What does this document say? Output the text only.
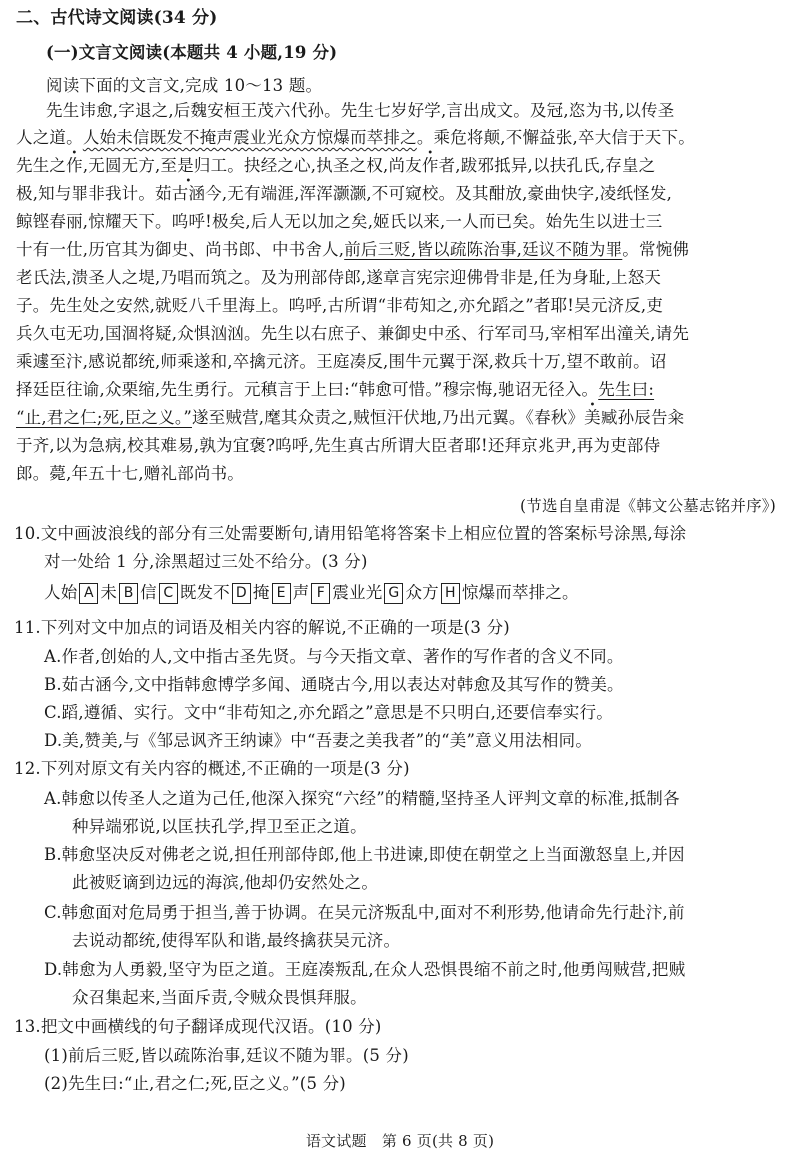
二、古代诗文阅读(34 分)
(一)文言文阅读(本题共 4 小题,19 分)
阅读下面的文言文,完成 10～13 题。
先生讳愈,字退之,后魏安桓王茂六代孙。先生七岁好学,言出成文。及冠,恣为书,以传圣
人之道。人始未信既发不掩声震业光众方惊爆而萃排之。乘危将颠,不懈益张,卒大信于天下。
先生之作,无圆无方,至是归工。抉经之心,执圣之权,尚友作者,跋邪抵异,以扶孔氏,存皇之
极,知与罪非我计。茹古涵今,无有端涯,浑浑灏灏,不可窥校。及其酣放,豪曲快字,凌纸怪发,
鲸铿春丽,惊耀天下。呜呼!极矣,后人无以加之矣,姬氏以来,一人而已矣。始先生以进士三
十有一仕,历官其为御史、尚书郎、中书舍人,前后三贬,皆以疏陈治事,廷议不随为罪。常惋佛
老氏法,溃圣人之堤,乃唱而筑之。及为刑部侍郎,遂章言宪宗迎佛骨非是,任为身耻,上怒天
子。先生处之安然,就贬八千里海上。呜呼,古所谓“非苟知之,亦允蹈之”者耶!吴元济反,吏
兵久屯无功,国涸将疑,众惧汹汹。先生以右庶子、兼御史中丞、行军司马,宰相军出潼关,请先
乘遽至汴,感说都统,师乘遂和,卒擒元济。王庭凑反,围牛元翼于深,救兵十万,望不敢前。诏
择廷臣往谕,众栗缩,先生勇行。元稹言于上曰:“韩愈可惜。”穆宗悔,驰诏无径入。先生曰:
“止,君之仁;死,臣之义。”遂至贼营,麾其众责之,贼恒汗伏地,乃出元翼。《春秋》美臧孙辰告籴
于齐,以为急病,校其难易,孰为宜褒?呜呼,先生真古所谓大臣者耶!还拜京兆尹,再为吏部侍
郎。薨,年五十七,赠礼部尚书。
(节选自皇甫湜《韩文公墓志铭并序》)
10.文中画波浪线的部分有三处需要断句,请用铅笔将答案卡上相应位置的答案标号涂黑,每涂
对一处给 1 分,涂黑超过三处不给分。(3 分)
人始 A 未 B 信 C 既发不 D 掩 E 声 F 震业光 G 众方 H 惊爆而萃排之。
11.下列对文中加点的词语及相关内容的解说,不正确的一项是(3 分)
A.作者,创始的人,文中指古圣先贤。与今天指文章、著作的写作者的含义不同。
B.茹古涵今,文中指韩愈博学多闻、通晓古今,用以表达对韩愈及其写作的赞美。
C.蹈,遵循、实行。文中“非苟知之,亦允蹈之”意思是不只明白,还要信奉实行。
D.美,赞美,与《邹忌讽齐王纳谏》中“吾妻之美我者”的“美”意义用法相同。
12.下列对原文有关内容的概述,不正确的一项是(3 分)
A.韩愈以传圣人之道为己任,他深入探究“六经”的精髓,坚持圣人评判文章的标准,抵制各
种异端邪说,以匡扶孔学,捍卫至正之道。
B.韩愈坚决反对佛老之说,担任刑部侍郎,他上书进谏,即使在朝堂之上当面激怒皇上,并因
此被贬谪到边远的海滨,他却仍安然处之。
C.韩愈面对危局勇于担当,善于协调。在吴元济叛乱中,面对不利形势,他请命先行赴汴,前
去说动都统,使得军队和谐,最终擒获吴元济。
D.韩愈为人勇毅,坚守为臣之道。王庭凑叛乱,在众人恐惧畏缩不前之时,他勇闯贼营,把贼
众召集起来,当面斥责,令贼众畏惧拜服。
13.把文中画横线的句子翻译成现代汉语。(10 分)
(1)前后三贬,皆以疏陈治事,廷议不随为罪。(5 分)
(2)先生曰:“止,君之仁;死,臣之义。”(5 分)
语文试题　第 6 页(共 8 页)
